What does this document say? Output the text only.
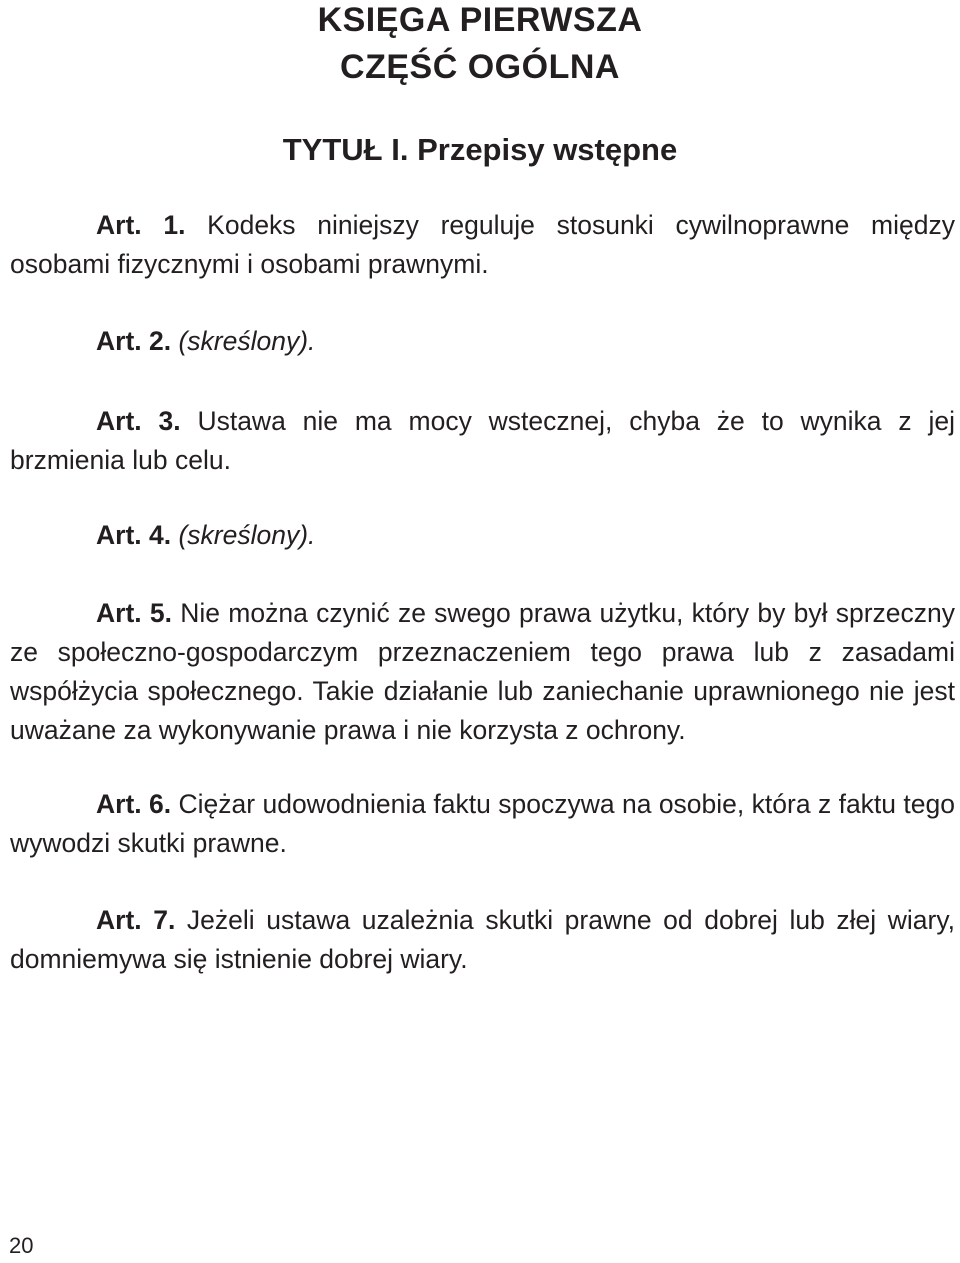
KSIĘGA PIERWSZA
CZĘŚĆ OGÓLNA
TYTUŁ I. Przepisy wstępne

Art. 1. Kodeks niniejszy reguluje stosunki cywilnoprawne między osobami fizycznymi i osobami prawnymi.

Art. 2. (skreślony).

Art. 3. Ustawa nie ma mocy wstecznej, chyba że to wynika z jej brzmienia lub celu.

Art. 4. (skreślony).

Art. 5. Nie można czynić ze swego prawa użytku, który by był sprzeczny ze społeczno-gospodarczym przeznaczeniem tego prawa lub z zasadami współżycia społecznego. Takie działanie lub zaniechanie uprawnionego nie jest uważane za wykonywanie prawa i nie korzysta z ochrony.

Art. 6. Ciężar udowodnienia faktu spoczywa na osobie, która z faktu tego wywodzi skutki prawne.

Art. 7. Jeżeli ustawa uzależnia skutki prawne od dobrej lub złej wiary, domniemywa się istnienie dobrej wiary.

20
